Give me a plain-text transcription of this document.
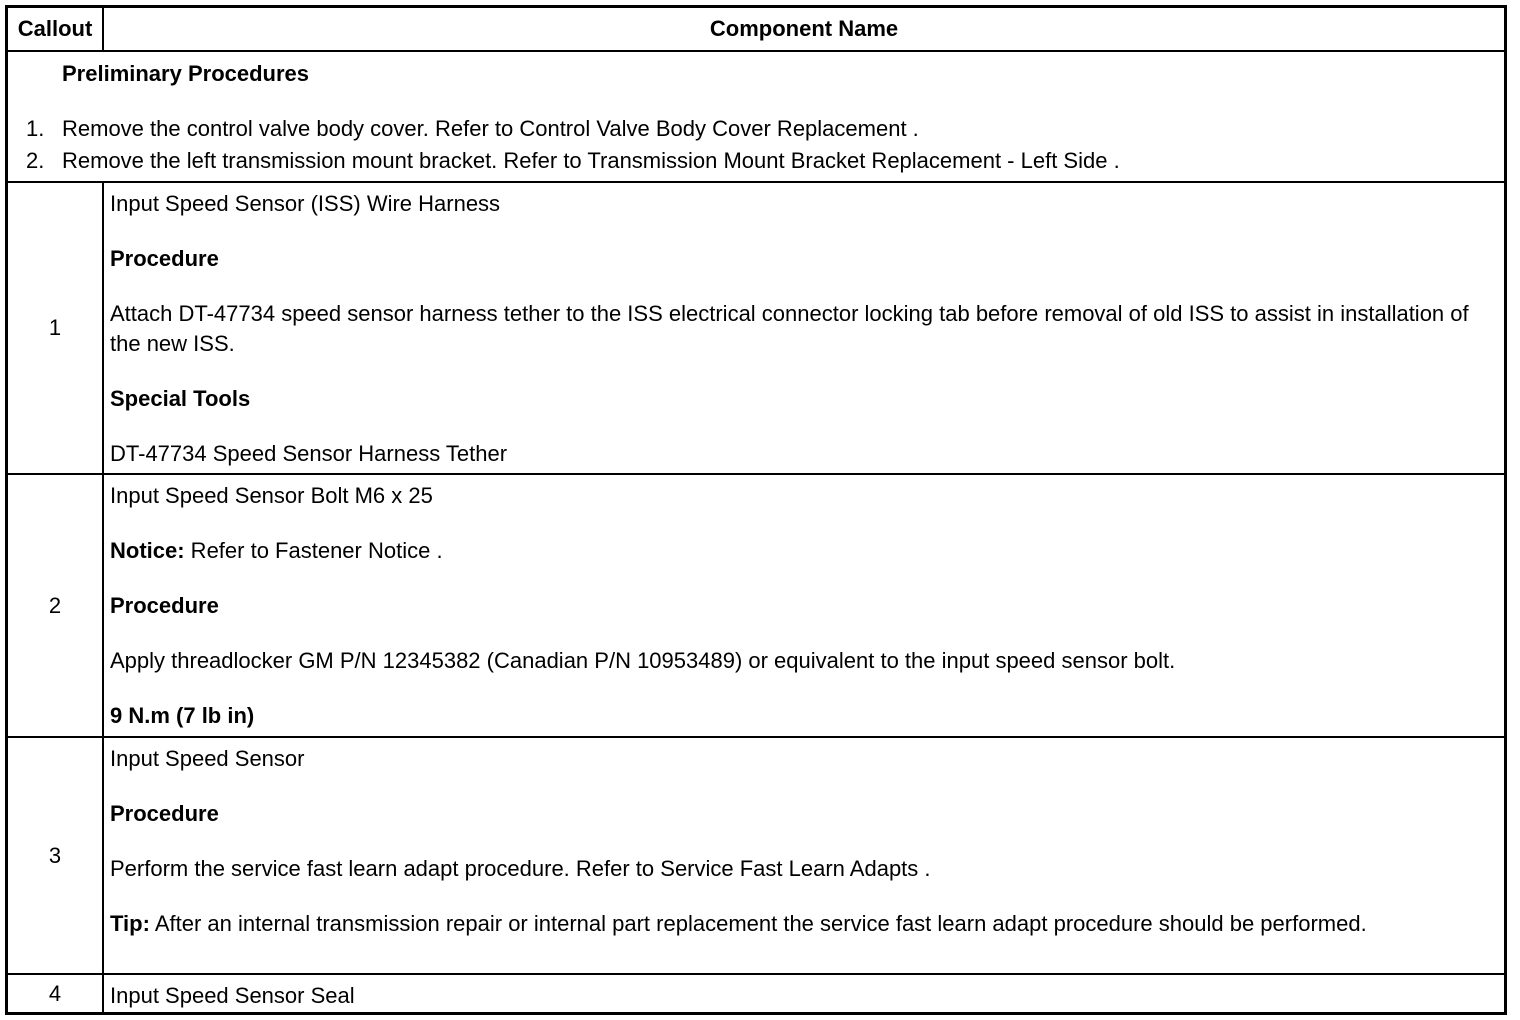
Callout	Component Name

Preliminary Procedures

1. Remove the control valve body cover. Refer to Control Valve Body Cover Replacement .

2. Remove the left transmission mount bracket. Refer to Transmission Mount Bracket Replacement - Left Side .

1

Input Speed Sensor (ISS) Wire Harness

Procedure

Attach DT-47734 speed sensor harness tether to the ISS electrical connector locking tab before removal of old ISS to assist in installation of the new ISS.

Special Tools

DT-47734 Speed Sensor Harness Tether

2

Input Speed Sensor Bolt M6 x 25

Notice: Refer to Fastener Notice .

Procedure

Apply threadlocker GM P/N 12345382 (Canadian P/N 10953489) or equivalent to the input speed sensor bolt.

9 N.m (7 lb in)

3

Input Speed Sensor

Procedure

Perform the service fast learn adapt procedure. Refer to Service Fast Learn Adapts .

Tip: After an internal transmission repair or internal part replacement the service fast learn adapt procedure should be performed.

4 Input Speed Sensor Seal
